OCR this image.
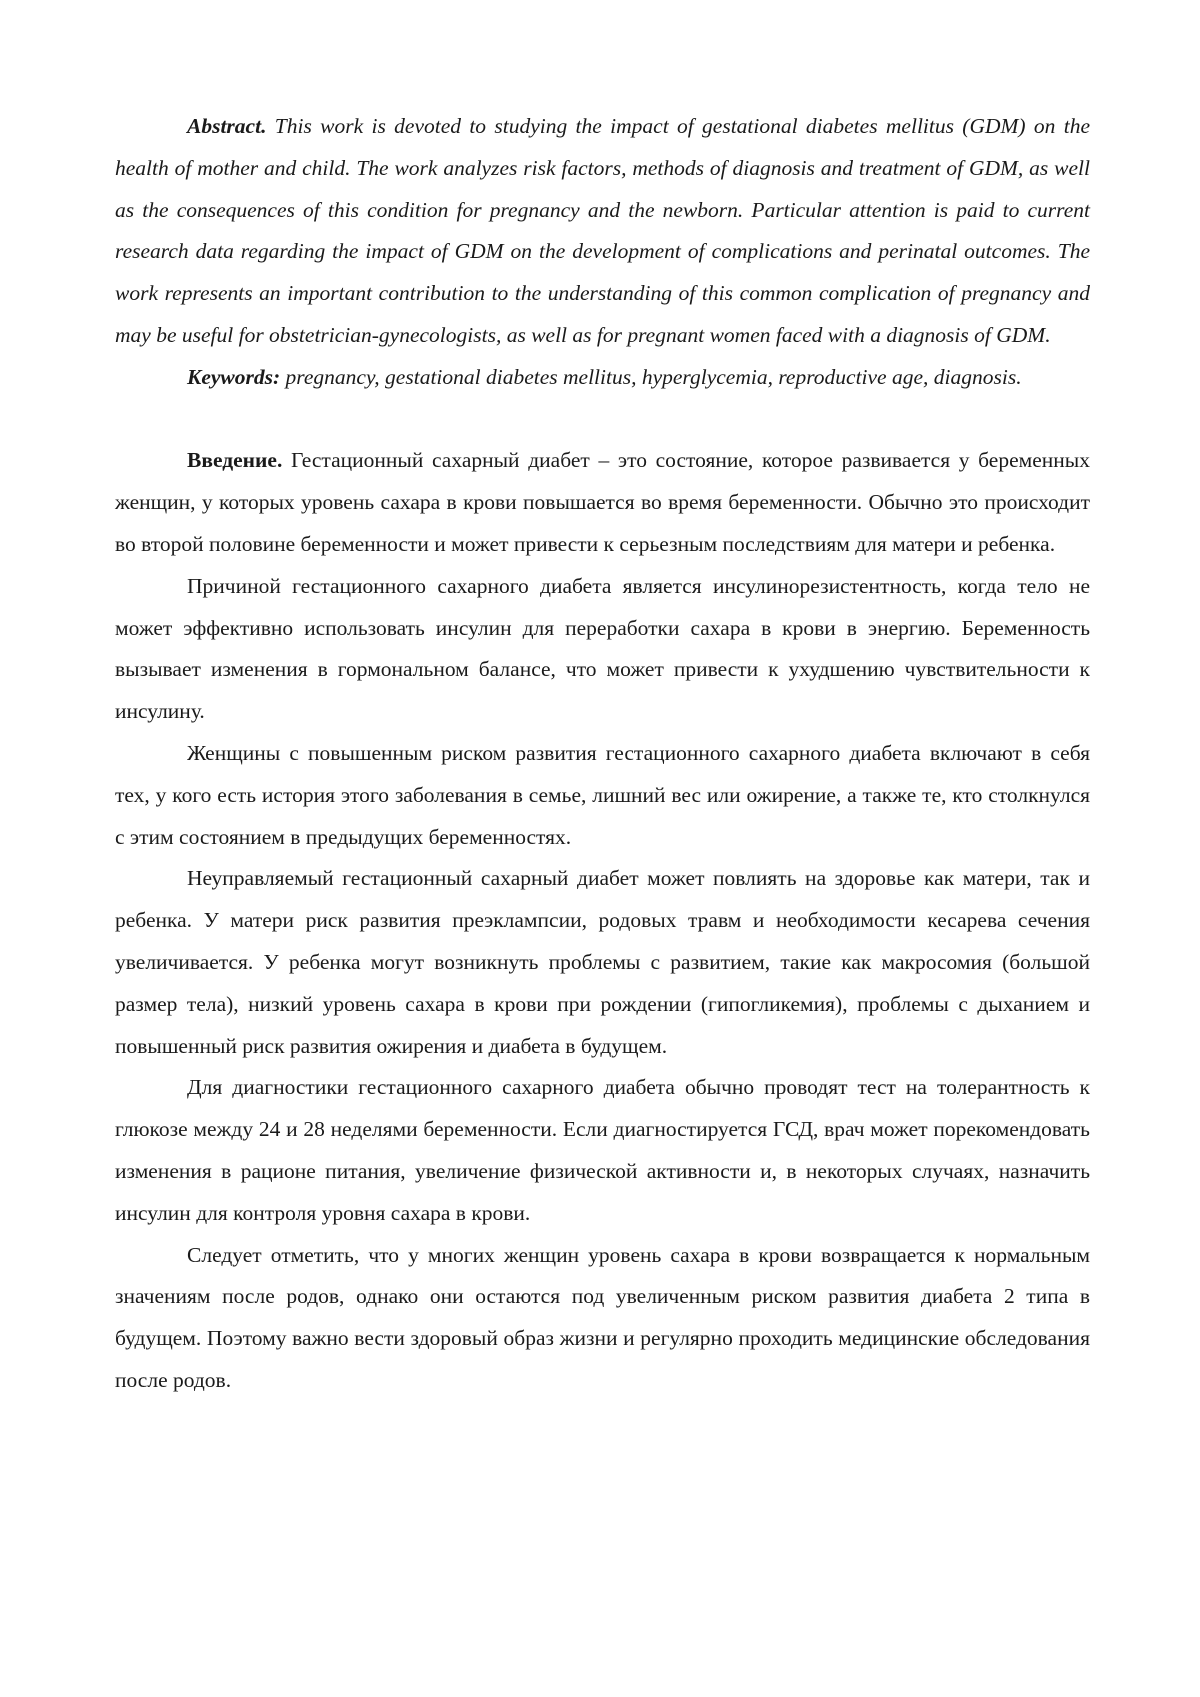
Abstract. This work is devoted to studying the impact of gestational diabetes mellitus (GDM) on the health of mother and child. The work analyzes risk factors, methods of diagnosis and treatment of GDM, as well as the consequences of this condition for pregnancy and the newborn. Particular attention is paid to current research data regarding the impact of GDM on the development of complications and perinatal outcomes. The work represents an important contribution to the understanding of this common complication of pregnancy and may be useful for obstetrician-gynecologists, as well as for pregnant women faced with a diagnosis of GDM.

Keywords: pregnancy, gestational diabetes mellitus, hyperglycemia, reproductive age, diagnosis.

Введение. Гестационный сахарный диабет – это состояние, которое развивается у беременных женщин, у которых уровень сахара в крови повышается во время беременности. Обычно это происходит во второй половине беременности и может привести к серьезным последствиям для матери и ребенка.

Причиной гестационного сахарного диабета является инсулинорезистентность, когда тело не может эффективно использовать инсулин для переработки сахара в крови в энергию. Беременность вызывает изменения в гормональном балансе, что может привести к ухудшению чувствительности к инсулину.

Женщины с повышенным риском развития гестационного сахарного диабета включают в себя тех, у кого есть история этого заболевания в семье, лишний вес или ожирение, а также те, кто столкнулся с этим состоянием в предыдущих беременностях.

Неуправляемый гестационный сахарный диабет может повлиять на здоровье как матери, так и ребенка. У матери риск развития преэклампсии, родовых травм и необходимости кесарева сечения увеличивается. У ребенка могут возникнуть проблемы с развитием, такие как макросомия (большой размер тела), низкий уровень сахара в крови при рождении (гипогликемия), проблемы с дыханием и повышенный риск развития ожирения и диабета в будущем.

Для диагностики гестационного сахарного диабета обычно проводят тест на толерантность к глюкозе между 24 и 28 неделями беременности. Если диагностируется ГСД, врач может порекомендовать изменения в рационе питания, увеличение физической активности и, в некоторых случаях, назначить инсулин для контроля уровня сахара в крови.

Следует отметить, что у многих женщин уровень сахара в крови возвращается к нормальным значениям после родов, однако они остаются под увеличенным риском развития диабета 2 типа в будущем. Поэтому важно вести здоровый образ жизни и регулярно проходить медицинские обследования после родов.
